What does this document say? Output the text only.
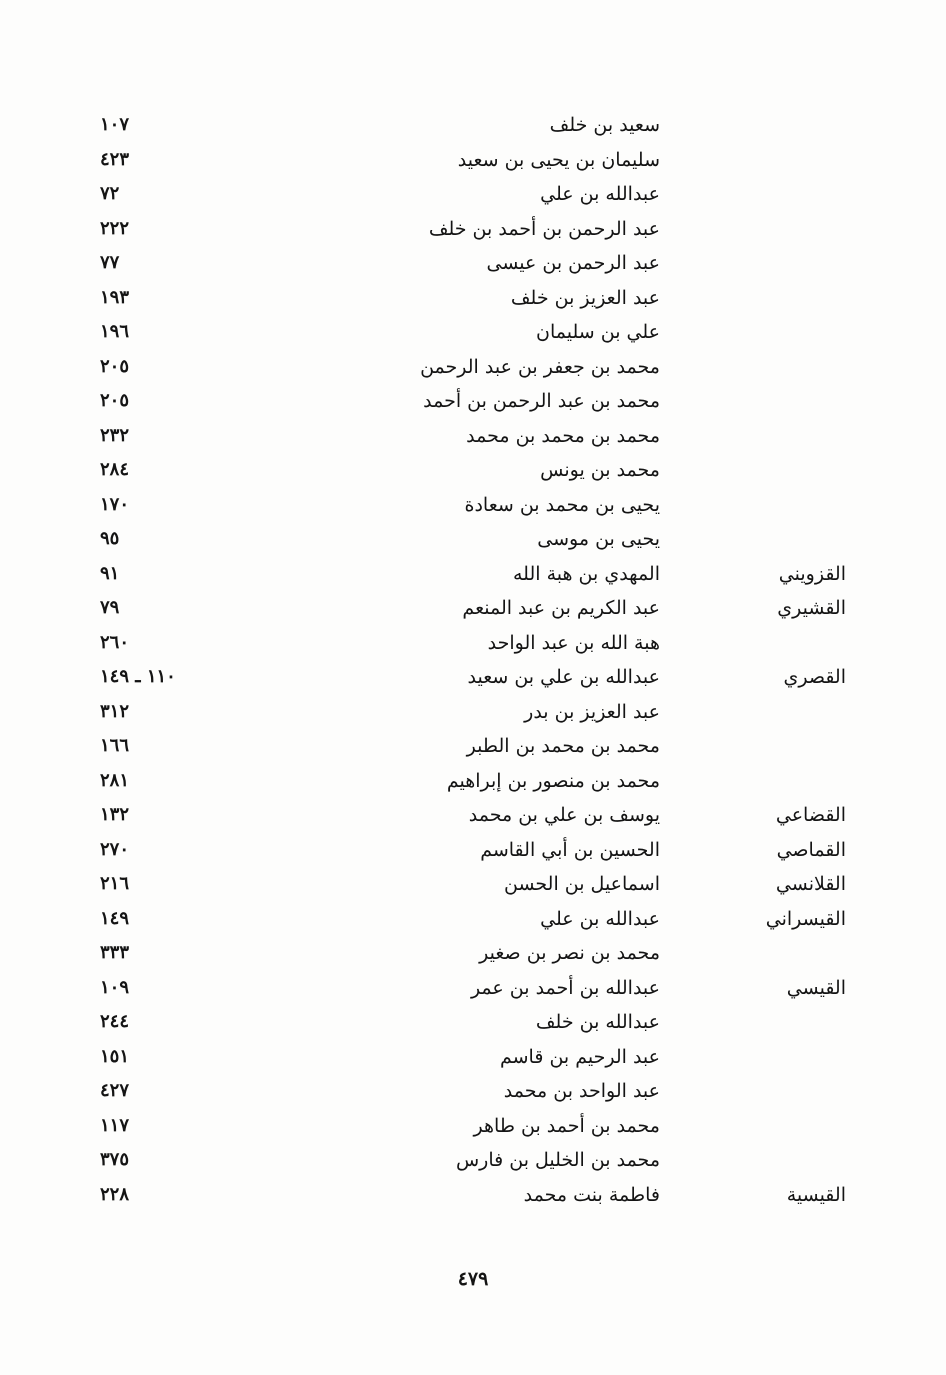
سعيد بن خلف
١٠٧
سليمان بن يحيى بن سعيد
٤٢٣
عبدالله بن علي
٧٢
عبد الرحمن بن أحمد بن خلف
٢٢٢
عبد الرحمن بن عيسى
٧٧
عبد العزيز بن خلف
١٩٣
علي بن سليمان
١٩٦
محمد بن جعفر بن عبد الرحمن
٢٠٥
محمد بن عبد الرحمن بن أحمد
٢٠٥
محمد بن محمد بن محمد
٢٣٢
محمد بن يونس
٢٨٤
يحيى بن محمد بن سعادة
١٧٠
يحيى بن موسى
٩٥
القزويني
المهدي بن هبة الله
٩١
القشيري
عبد الكريم بن عبد المنعم
٧٩
هبة الله بن عبد الواحد
٢٦٠
القصري
عبدالله بن علي بن سعيد
١١٠ ـ ١٤٩
عبد العزيز بن بدر
٣١٢
محمد بن محمد بن الطبر
١٦٦
محمد بن منصور بن إبراهيم
٢٨١
القضاعي
يوسف بن علي بن محمد
١٣٢
القماصي
الحسين بن أبي القاسم
٢٧٠
القلانسي
اسماعيل بن الحسن
٢١٦
القيسراني
عبدالله بن علي
١٤٩
محمد بن نصر بن صغير
٣٣٣
القيسي
عبدالله بن أحمد بن عمر
١٠٩
عبدالله بن خلف
٢٤٤
عبد الرحيم بن قاسم
١٥١
عبد الواحد بن محمد
٤٢٧
محمد بن أحمد بن طاهر
١١٧
محمد بن الخليل بن فارس
٣٧٥
القيسية
فاطمة بنت محمد
٢٢٨
٤٧٩
